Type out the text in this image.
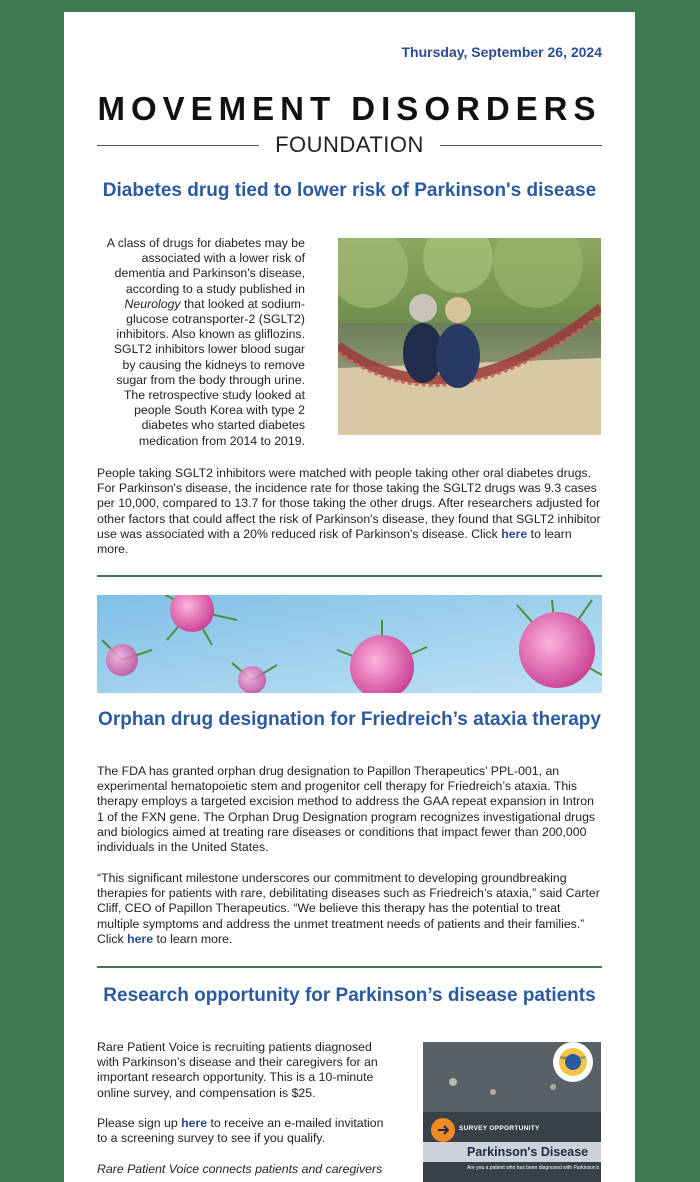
Thursday, September 26, 2024
MOVEMENT DISORDERS
FOUNDATION
Diabetes drug tied to lower risk of Parkinson's disease
A class of drugs for diabetes may be associated with a lower risk of dementia and Parkinson's disease, according to a study published in Neurology that looked at sodium-glucose cotransporter-2 (SGLT2) inhibitors. Also known as gliflozins. SGLT2 inhibitors lower blood sugar by causing the kidneys to remove sugar from the body through urine. The retrospective study looked at people South Korea with type 2 diabetes who started diabetes medication from 2014 to 2019.
People taking SGLT2 inhibitors were matched with people taking other oral diabetes drugs. For Parkinson's disease, the incidence rate for those taking the SGLT2 drugs was 9.3 cases per 10,000, compared to 13.7 for those taking the other drugs. After researchers adjusted for other factors that could affect the risk of Parkinson's disease, they found that SGLT2 inhibitor use was associated with a 20% reduced risk of Parkinson's disease. Click here to learn more.
Orphan drug designation for Friedreich’s ataxia therapy
The FDA has granted orphan drug designation to Papillon Therapeutics’ PPL-001, an experimental hematopoietic stem and progenitor cell therapy for Friedreich’s ataxia. This therapy employs a targeted excision method to address the GAA repeat expansion in Intron 1 of the FXN gene. The Orphan Drug Designation program recognizes investigational drugs and biologics aimed at treating rare diseases or conditions that impact fewer than 200,000 individuals in the United States.
“This significant milestone underscores our commitment to developing groundbreaking therapies for patients with rare, debilitating diseases such as Friedreich’s ataxia,” said Carter Cliff, CEO of Papillon Therapeutics. “We believe this therapy has the potential to treat multiple symptoms and address the unmet treatment needs of patients and their families.” Click here to learn more.
Research opportunity for Parkinson’s disease patients
Rare Patient Voice is recruiting patients diagnosed with Parkinson’s disease and their caregivers for an important research opportunity. This is a 10-minute online survey, and compensation is $25.
Please sign up here to receive an e-mailed invitation to a screening survey to see if you qualify.
Rare Patient Voice connects patients and caregivers
SURVEY OPPORTUNITY
Parkinson's Disease
Are you a patient who has been diagnosed with Parkinson's
RARE PATIENT VOICE
